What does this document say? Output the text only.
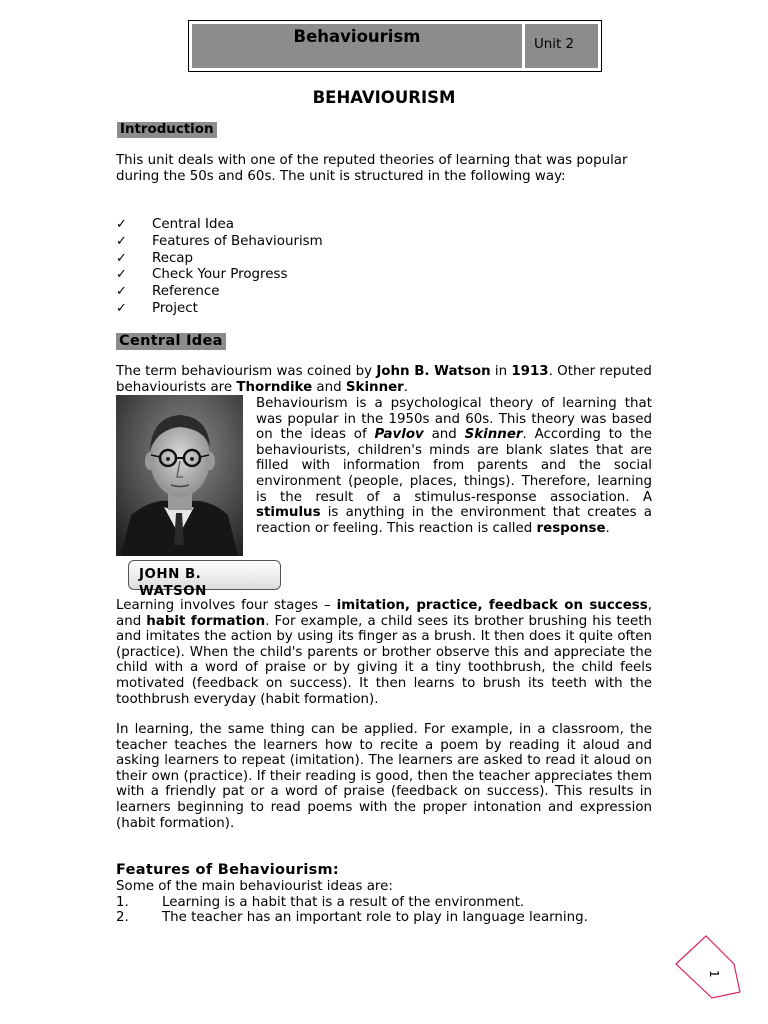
Behaviourism	Unit 2
BEHAVIOURISM
Introduction
This unit deals with one of the reputed theories of learning that was popular during the 50s and 60s. The unit is structured in the following way:
✓	Central Idea
✓	Features of Behaviourism
✓	Recap
✓	Check Your Progress
✓	Reference
✓	Project
Central Idea
The term behaviourism was coined by John B. Watson in 1913. Other reputed behaviourists are Thorndike and Skinner.
Behaviourism is a psychological theory of learning that was popular in the 1950s and 60s. This theory was based on the ideas of Pavlov and Skinner. According to the behaviourists, children's minds are blank slates that are filled with information from parents and the social environment (people, places, things). Therefore, learning is the result of a stimulus-response association. A stimulus is anything in the environment that creates a reaction or feeling. This reaction is called response.
JOHN B. WATSON
Learning involves four stages – imitation, practice, feedback on success, and habit formation. For example, a child sees its brother brushing his teeth and imitates the action by using its finger as a brush. It then does it quite often (practice). When the child's parents or brother observe this and appreciate the child with a word of praise or by giving it a tiny toothbrush, the child feels motivated (feedback on success). It then learns to brush its teeth with the toothbrush everyday (habit formation).
In learning, the same thing can be applied. For example, in a classroom, the teacher teaches the learners how to recite a poem by reading it aloud and asking learners to repeat (imitation). The learners are asked to read it aloud on their own (practice). If their reading is good, then the teacher appreciates them with a friendly pat or a word of praise (feedback on success). This results in learners beginning to read poems with the proper intonation and expression (habit formation).
Features of Behaviourism:
Some of the main behaviourist ideas are:
1.	Learning is a habit that is a result of the environment.
2.	The teacher has an important role to play in language learning.
1
